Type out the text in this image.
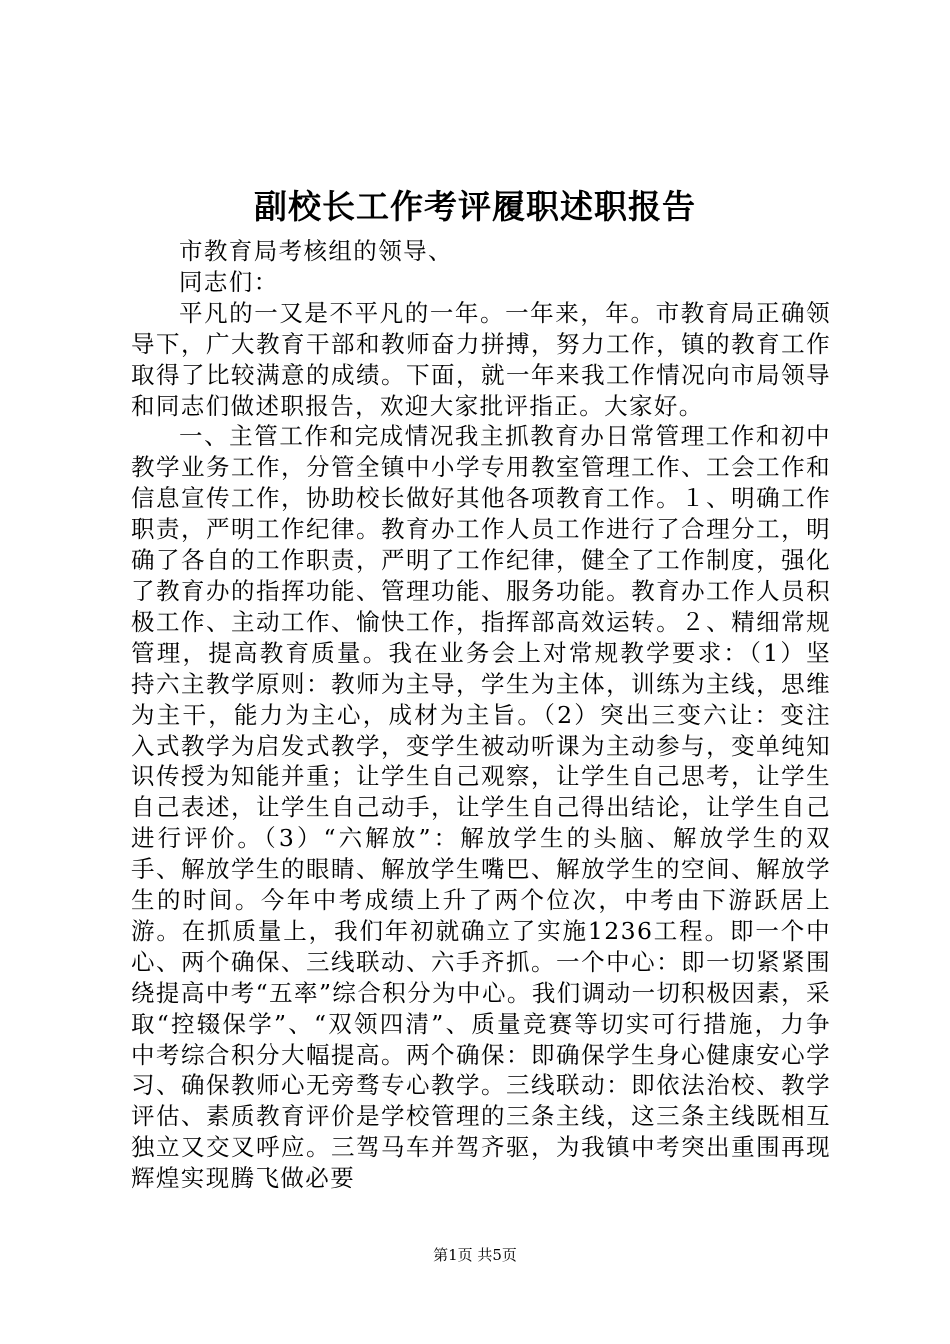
副校长工作考评履职述职报告

市教育局考核组的领导、

同志们：

平凡的一又是不平凡的一年。一年来，年。市教育局正确领导下，广大教育干部和教师奋力拼搏，努力工作，镇的教育工作取得了比较满意的成绩。下面，就一年来我工作情况向市局领导和同志们做述职报告，欢迎大家批评指正。大家好。

一、主管工作和完成情况我主抓教育办日常管理工作和初中教学业务工作，分管全镇中小学专用教室管理工作、工会工作和信息宣传工作，协助校长做好其他各项教育工作。１、明确工作职责，严明工作纪律。教育办工作人员工作进行了合理分工，明确了各自的工作职责，严明了工作纪律，健全了工作制度，强化了教育办的指挥功能、管理功能、服务功能。教育办工作人员积极工作、主动工作、愉快工作，指挥部高效运转。２、精细常规管理，提高教育质量。我在业务会上对常规教学要求：（1）坚持六主教学原则：教师为主导，学生为主体，训练为主线，思维为主干，能力为主心，成材为主旨。（2）突出三变六让：变注入式教学为启发式教学，变学生被动听课为主动参与，变单纯知识传授为知能并重；让学生自己观察，让学生自己思考，让学生自己表述，让学生自己动手，让学生自己得出结论，让学生自己进行评价。（3）“六解放”：解放学生的头脑、解放学生的双手、解放学生的眼睛、解放学生嘴巴、解放学生的空间、解放学生的时间。今年中考成绩上升了两个位次，中考由下游跃居上游。在抓质量上，我们年初就确立了实施1236工程。即一个中心、两个确保、三线联动、六手齐抓。一个中心：即一切紧紧围绕提高中考“五率”综合积分为中心。我们调动一切积极因素，采取“控辍保学”、“双领四清”、质量竞赛等切实可行措施，力争中考综合积分大幅提高。两个确保：即确保学生身心健康安心学习、确保教师心无旁骛专心教学。三线联动：即依法治校、教学评估、素质教育评价是学校管理的三条主线，这三条主线既相互独立又交叉呼应。三驾马车并驾齐驱，为我镇中考突出重围再现辉煌实现腾飞做必要

第1页 共5页
